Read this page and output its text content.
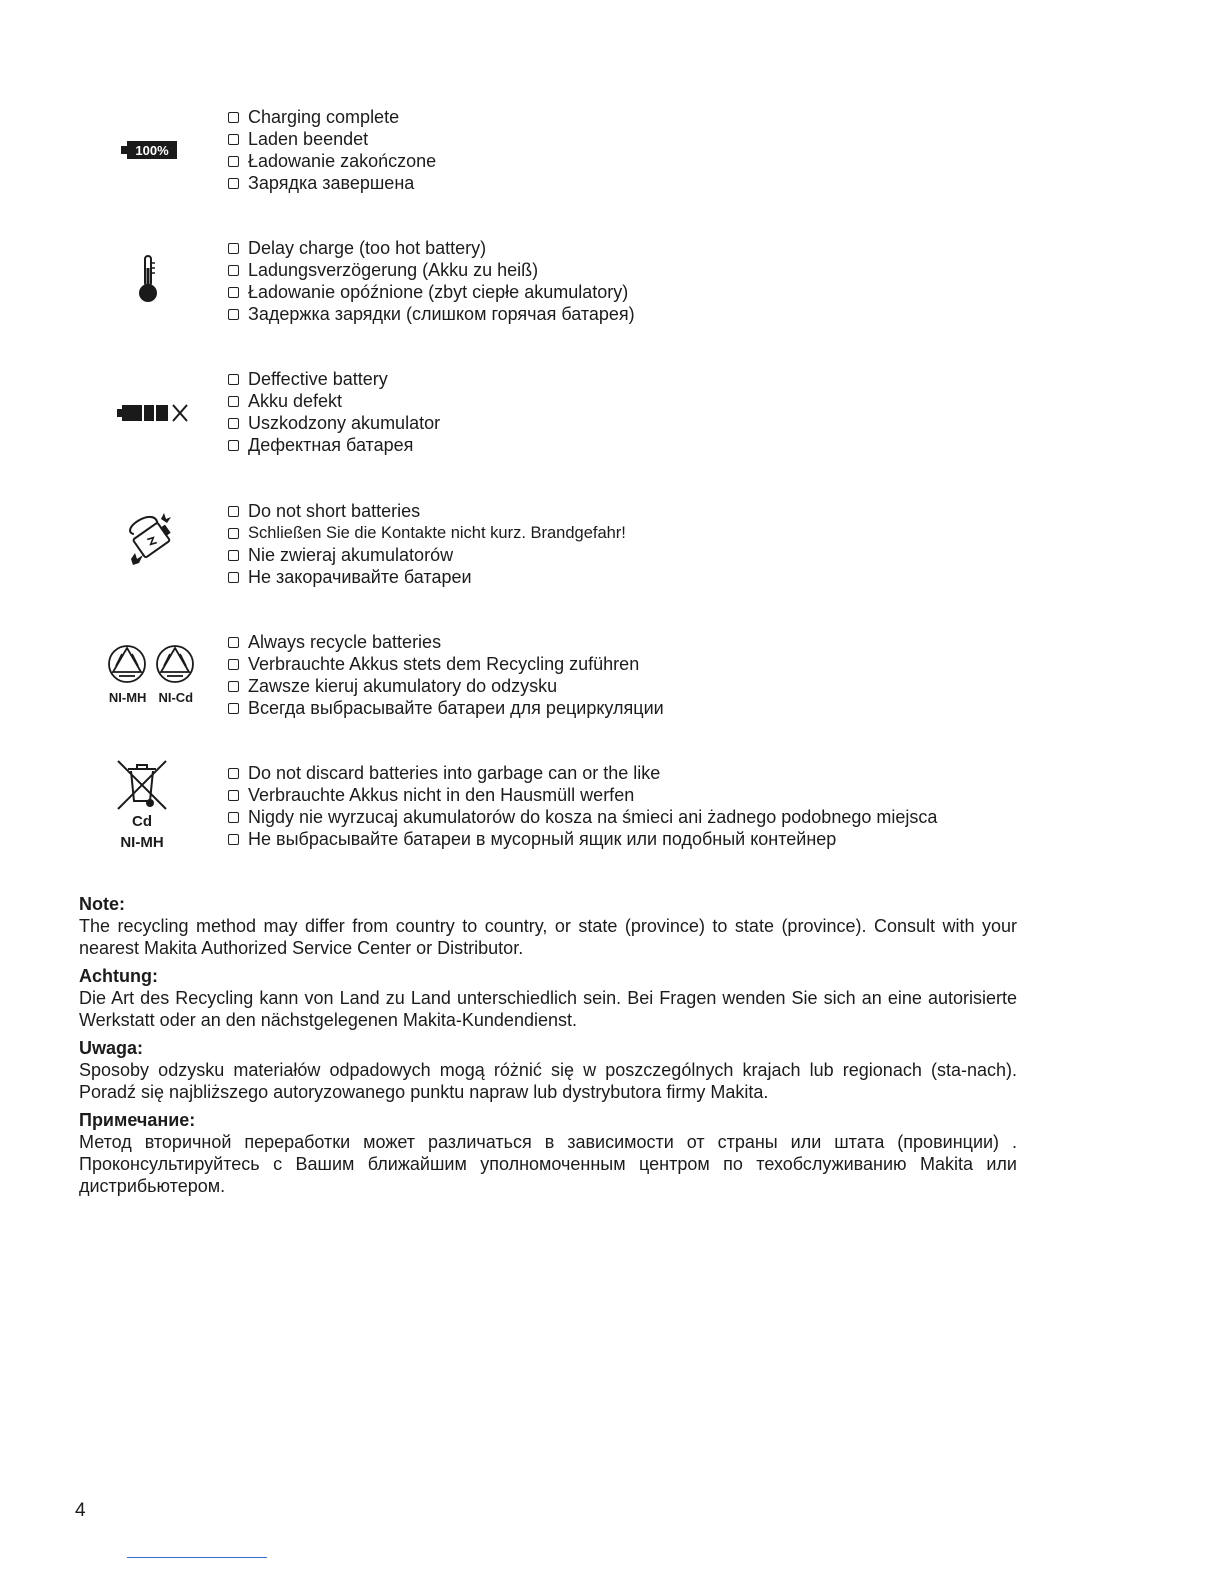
100%
Charging complete
Laden beendet
Ładowanie zakończone
Зарядка завершена
Delay charge (too hot battery)
Ladungsverzögerung (Akku zu heiß)
Ładowanie opóźnione (zbyt ciepłe akumulatory)
Задержка зарядки (слишком горячая батарея)
Deffective battery
Akku defekt
Uszkodzony akumulator
Дефектная батарея
Do not short batteries
Schließen Sie die Kontakte nicht kurz. Brandgefahr!
Nie zwieraj akumulatorów
Не закорачивайте батареи
NI-MH NI-Cd
Always recycle batteries
Verbrauchte Akkus stets dem Recycling zuführen
Zawsze kieruj akumulatory do odzysku
Всегда выбрасывайте батареи для рециркуляции
Cd
NI-MH
Do not discard batteries into garbage can or the like
Verbrauchte Akkus nicht in den Hausmüll werfen
Nigdy nie wyrzucaj akumulatorów do kosza na śmieci ani żadnego podobnego miejsca
Не выбрасывайте батареи в мусорный ящик или подобный контейнер

Note:

The recycling method may differ from country to country, or state (province) to state (province). Consult with your nearest Makita Authorized Service Center or Distributor.

Achtung:

Die Art des Recycling kann von Land zu Land unterschiedlich sein. Bei Fragen wenden Sie sich an eine autorisierte Werkstatt oder an den nächstgelegenen Makita-Kundendienst.

Uwaga:

Sposoby odzysku materiałów odpadowych mogą różnić się w poszczególnych krajach lub regionach (sta-nach). Poradź się najbliższego autoryzowanego punktu napraw lub dystrybutora firmy Makita.

Примечание:

Метод вторичной переработки может различаться в зависимости от страны или штата (провинции) . Проконсультируйтесь с Вашим ближайшим уполномоченным центром по техобслуживанию Makita или дистрибьютером.

4
